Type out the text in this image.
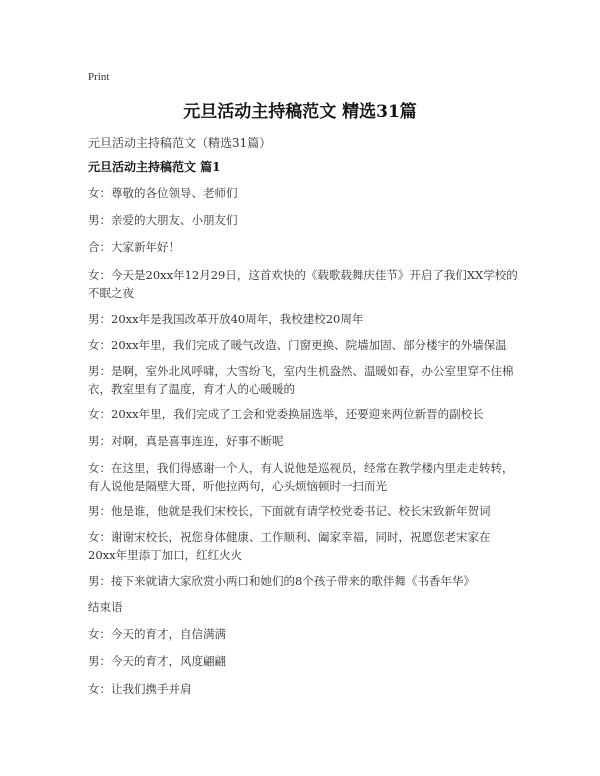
Print
元旦活动主持稿范文 精选31篇
元旦活动主持稿范文（精选31篇）
元旦活动主持稿范文 篇1
女：尊敬的各位领导、老师们
男：亲爱的大朋友、小朋友们
合：大家新年好！
女：今天是20xx年12月29日，这首欢快的《载歌载舞庆佳节》开启了我们XX学校的不眠之夜
男：20xx年是我国改革开放40周年，我校建校20周年
女：20xx年里，我们完成了暖气改造、门窗更换、院墙加固、部分楼宇的外墙保温
男：是啊，室外北风呼啸，大雪纷飞，室内生机盎然、温暖如春，办公室里穿不住棉衣，教室里有了温度，育才人的心暖暖的
女：20xx年里，我们完成了工会和党委换届选举，还要迎来两位新晋的副校长
男：对啊，真是喜事连连，好事不断呢
女：在这里，我们得感谢一个人，有人说他是巡视员，经常在教学楼内里走走转转，有人说他是隔壁大哥，听他拉两句，心头烦恼顿时一扫而光
男：他是谁，他就是我们宋校长，下面就有请学校党委书记、校长宋致新年贺词
女：谢谢宋校长，祝您身体健康、工作顺利、阖家幸福，同时，祝愿您老宋家在20xx年里添丁加口，红红火火
男：接下来就请大家欣赏小两口和她们的8个孩子带来的歌伴舞《书香年华》
结束语
女：今天的育才，自信满满
男：今天的育才，风度翩翩
女：让我们携手并肩
